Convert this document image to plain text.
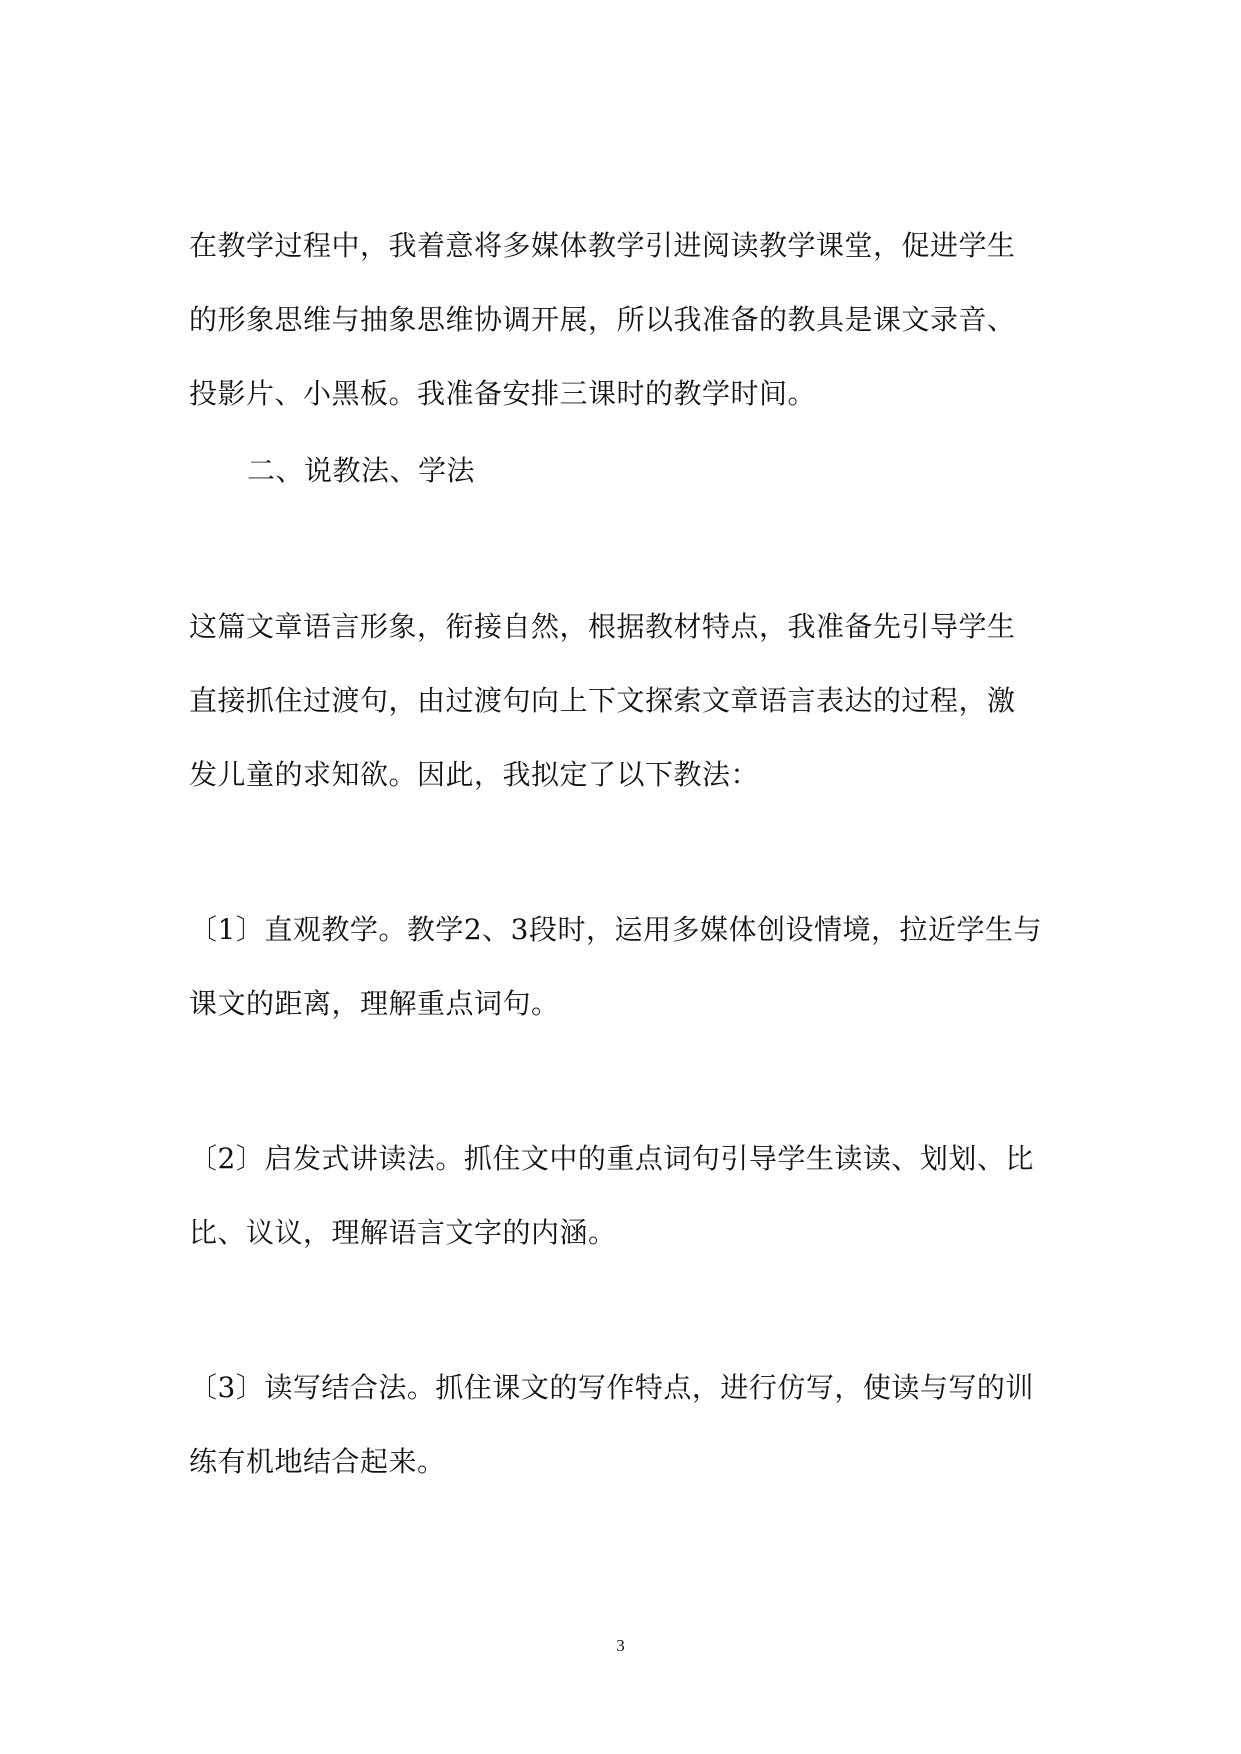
在教学过程中，我着意将多媒体教学引进阅读教学课堂，促进学生
的形象思维与抽象思维协调开展，所以我准备的教具是课文录音、
投影片、小黑板。我准备安排三课时的教学时间。
二、说教法、学法
这篇文章语言形象，衔接自然，根据教材特点，我准备先引导学生
直接抓住过渡句，由过渡句向上下文探索文章语言表达的过程，激
发儿童的求知欲。因此，我拟定了以下教法：
〔1〕直观教学。教学2、3段时，运用多媒体创设情境，拉近学生与
课文的距离，理解重点词句。
〔2〕启发式讲读法。抓住文中的重点词句引导学生读读、划划、比
比、议议，理解语言文字的内涵。
〔3〕读写结合法。抓住课文的写作特点，进行仿写，使读与写的训
练有机地结合起来。
3
